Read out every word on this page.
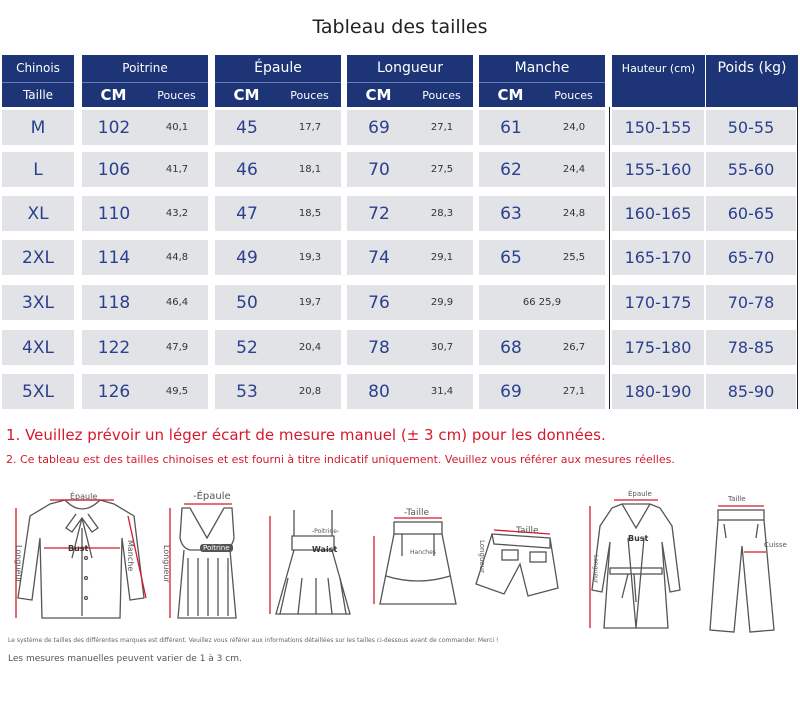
Tableau des tailles
Chinois
Taille
Poitrine
CM	Pouces
Épaule
CM	Pouces
Longueur
CM	Pouces
Manche
CM	Pouces
Hauteur (cm)	Poids (kg)
M	102	40,1	45	17,7	69	27,1	61	24,0	150-155	50-55
L	106	41,7	46	18,1	70	27,5	62	24,4	155-160	55-60
XL	110	43,2	47	18,5	72	28,3	63	24,8	160-165	60-65
2XL	114	44,8	49	19,3	74	29,1	65	25,5	165-170	65-70
3XL	118	46,4	50	19,7	76	29,9	66 25,9	170-175	70-78
4XL	122	47,9	52	20,4	78	30,7	68	26,7	175-180	78-85
5XL	126	49,5	53	20,8	80	31,4	69	27,1	180-190	85-90
1. Veuillez prévoir un léger écart de mesure manuel (± 3 cm) pour les données.
2. Ce tableau est des tailles chinoises et est fourni à titre indicatif uniquement. Veuillez vous référer aux mesures réelles.
Épaule
Bust	Manche
Longueur
-Épaule
Poitrine
Longueur
-Poitrine-
Waist
-Taille
Hanches
Taille
Longueur
Épaule
Bust
Longueur
Taille
Cuisse
Le système de tailles des différentes marques est différent. Veuillez vous référer aux informations détaillées sur les tailles ci-dessous avant de commander. Merci !
Les mesures manuelles peuvent varier de 1 à 3 cm.
